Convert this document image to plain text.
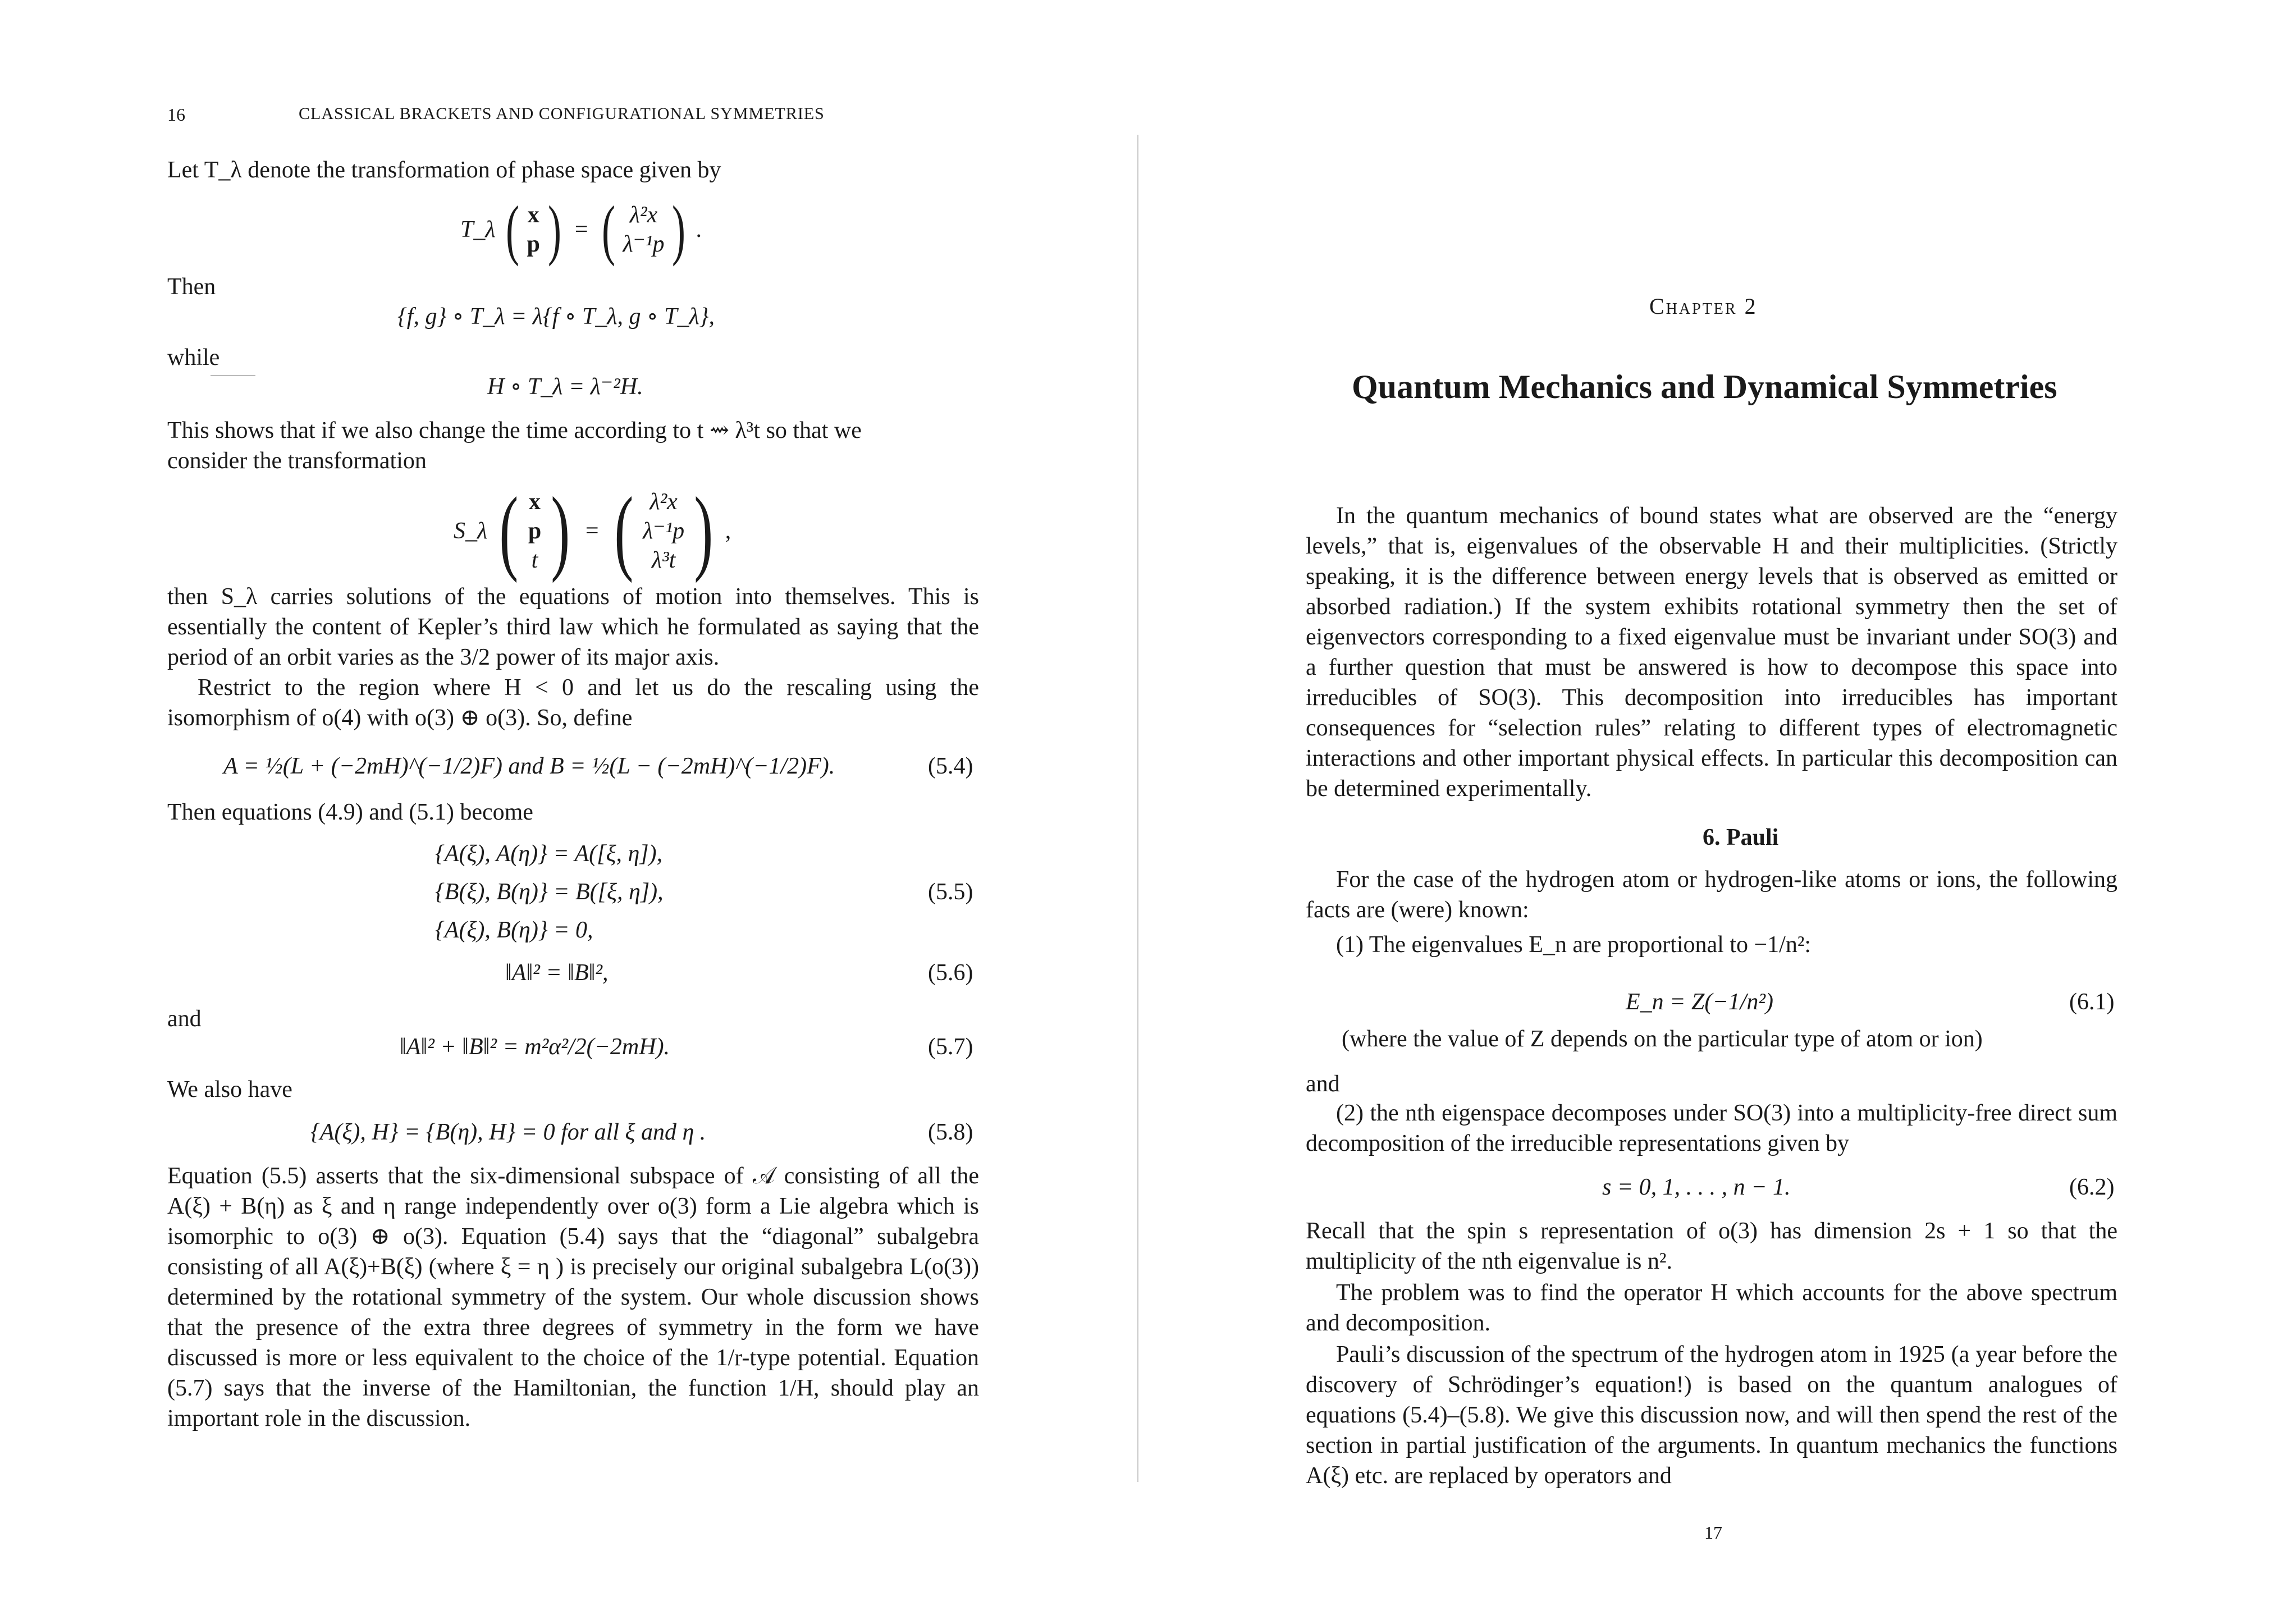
16	CLASSICAL BRACKETS AND CONFIGURATIONAL SYMMETRIES

Let T_λ denote the transformation of phase space given by

T_λ ( x
p ) = ( λ²x
λ⁻¹p ) .

Then

{f, g} ∘ T_λ = λ{f ∘ T_λ, g ∘ T_λ},

while

H ∘ T_λ = λ⁻²H.

This shows that if we also change the time according to t ⇝ λ³t so that we

consider the transformation

S_λ ( x
p
t ) = ( λ²x
λ⁻¹p
λ³t ) ,

then S_λ carries solutions of the equations of motion into themselves. This is essentially the content of Kepler’s third law which he formulated as saying that the period of an orbit varies as the 3/2 power of its major axis.

Restrict to the region where H < 0 and let us do the rescaling using the isomorphism of o(4) with o(3) ⊕ o(3). So, define

A = ½(L + (−2mH)^(−1/2)F) and B = ½(L − (−2mH)^(−1/2)F).	(5.4)

Then equations (4.9) and (5.1) become

{A(ξ), A(η)} = A([ξ, η]),
{B(ξ), B(η)} = B([ξ, η]),
{A(ξ), B(η)} = 0,
(5.5)
‖A‖² = ‖B‖²,	(5.6)

and

‖A‖² + ‖B‖² = m²α²/2(−2mH).	(5.7)

We also have

{A(ξ), H} = {B(η), H} = 0 for all ξ and η .	(5.8)

Equation (5.5) asserts that the six-dimensional subspace of 𝒜 consisting of all the A(ξ) + B(η) as ξ and η range independently over o(3) form a Lie algebra which is isomorphic to o(3) ⊕ o(3). Equation (5.4) says that the “diagonal” subalgebra consisting of all A(ξ)+B(ξ) (where ξ = η ) is precisely our original subalgebra L(o(3)) determined by the rotational symmetry of the system. Our whole discussion shows that the presence of the extra three degrees of symmetry in the form we have discussed is more or less equivalent to the choice of the 1/r-type potential. Equation (5.7) says that the inverse of the Hamiltonian, the function 1/H, should play an important role in the discussion.

Chapter 2
Quantum Mechanics and Dynamical Symmetries

In the quantum mechanics of bound states what are observed are the “energy levels,” that is, eigenvalues of the observable H and their multiplicities. (Strictly speaking, it is the difference between energy levels that is observed as emitted or absorbed radiation.) If the system exhibits rotational symmetry then the set of eigenvectors corresponding to a fixed eigenvalue must be invariant under SO(3) and a further question that must be answered is how to decompose this space into irreducibles of SO(3). This decomposition into irreducibles has important consequences for “selection rules” relating to different types of electromagnetic interactions and other important physical effects. In particular this decomposition can be determined experimentally.

6. Pauli

For the case of the hydrogen atom or hydrogen-like atoms or ions, the following facts are (were) known:

(1) The eigenvalues E_n are proportional to −1/n²:

E_n = Z(−1/n²)	(6.1)

(where the value of Z depends on the particular type of atom or ion)

and

(2) the nth eigenspace decomposes under SO(3) into a multiplicity-free direct sum decomposition of the irreducible representations given by

s = 0, 1, . . . , n − 1.	(6.2)

Recall that the spin s representation of o(3) has dimension 2s + 1 so that the multiplicity of the nth eigenvalue is n².

The problem was to find the operator H which accounts for the above spectrum and decomposition.

Pauli’s discussion of the spectrum of the hydrogen atom in 1925 (a year before the discovery of Schrödinger’s equation!) is based on the quantum analogues of equations (5.4)–(5.8). We give this discussion now, and will then spend the rest of the section in partial justification of the arguments. In quantum mechanics the functions A(ξ) etc. are replaced by operators and

17
